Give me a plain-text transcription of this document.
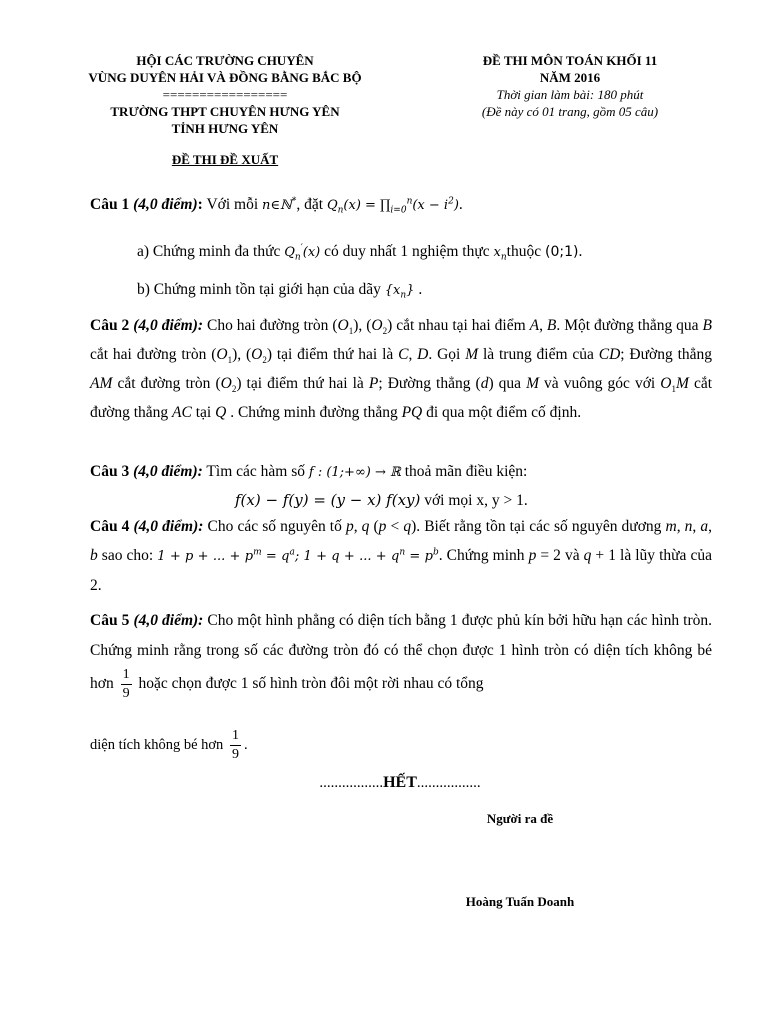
HỘI CÁC TRƯỜNG CHUYÊN
VÙNG DUYÊN HẢI VÀ ĐỒNG BẰNG BẮC BỘ
=================
TRƯỜNG THPT CHUYÊN HƯNG YÊN
TỈNH HƯNG YÊN
ĐỀ THI MÔN TOÁN KHỐI 11
NĂM 2016
Thời gian làm bài: 180 phút
(Đề này có 01 trang, gồm 05 câu)
ĐỀ THI ĐỀ XUẤT
Câu 1 (4,0 điểm): Với mỗi n∈ℕ*, đặt $Q_n(x)$ = $\prod_{i=0}^n(x - i^2)$.
a) Chứng minh đa thức $Q_n'(x)$ có duy nhất 1 nghiệm thực $x_nthuộc$ (0;1).
b) Chứng minh tồn tại giới hạn của dãy $\{x_n\}$ .
Câu 2 (4,0 điểm): Cho hai đường tròn $(O_1)$, $(O_2)$ cắt nhau tại hai điểm A, B. Một đường thẳng qua B cắt hai đường tròn $(O_1)$, $(O_2)$ tại điểm thứ hai là C, D. Gọi M là trung điểm của CD; Đường thẳng AM cắt đường tròn $(O_2)$ tại điểm thứ hai là P; Đường thẳng (d) qua M và vuông góc với $O_1M$ cắt đường thẳng AC tại Q . Chứng minh đường thẳng PQ đi qua một điểm cố định.
Câu 3 (4,0 điểm): Tìm các hàm số f : (1;+∞) → ℝ thoả mãn điều kiện:
f(x) − f(y) = (y − x) f(xy) với mọi x, y > 1.
Câu 4 (4,0 điểm): Cho các số nguyên tố p, q (p < q). Biết rằng tồn tại các số nguyên dương m, n, a, b sao cho: 1 + p + ... + $p^m = q^a$; 1 + q + ... + $q^n = p^b$. Chứng minh p = 2 và q + 1 là lũy thừa của 2.
Câu 5 (4,0 điểm): Cho một hình phẳng có diện tích bằng 1 được phủ kín bởi hữu hạn các hình tròn. Chứng minh rằng trong số các đường tròn đó có thể chọn được 1 hình tròn có diện tích không bé hơn $\frac{1}{9}$ hoặc chọn được 1 số hình tròn đôi một rời nhau có tổng
diện tích không bé hơn $\frac{1}{9}$ .
.................HẾT.................
Người ra đề
Hoàng Tuấn Doanh
